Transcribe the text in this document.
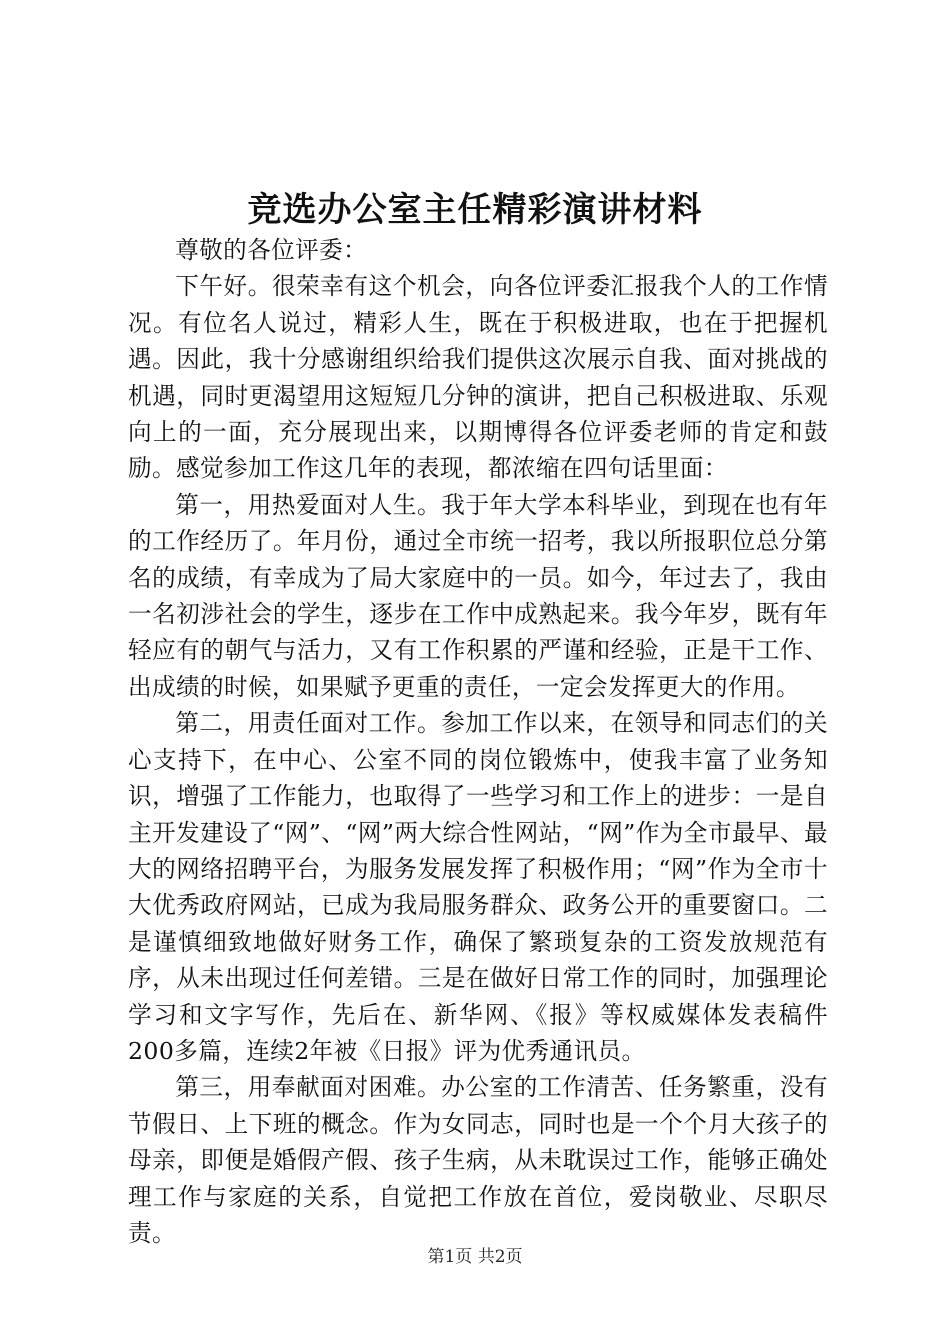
竞选办公室主任精彩演讲材料

尊敬的各位评委：

下午好。很荣幸有这个机会，向各位评委汇报我个人的工作情况。有位名人说过，精彩人生，既在于积极进取，也在于把握机遇。因此，我十分感谢组织给我们提供这次展示自我、面对挑战的机遇，同时更渴望用这短短几分钟的演讲，把自己积极进取、乐观向上的一面，充分展现出来，以期博得各位评委老师的肯定和鼓励。感觉参加工作这几年的表现，都浓缩在四句话里面：

第一，用热爱面对人生。我于年大学本科毕业，到现在也有年的工作经历了。年月份，通过全市统一招考，我以所报职位总分第名的成绩，有幸成为了局大家庭中的一员。如今，年过去了，我由一名初涉社会的学生，逐步在工作中成熟起来。我今年岁，既有年轻应有的朝气与活力，又有工作积累的严谨和经验，正是干工作、出成绩的时候，如果赋予更重的责任，一定会发挥更大的作用。

第二，用责任面对工作。参加工作以来，在领导和同志们的关心支持下，在中心、公室不同的岗位锻炼中，使我丰富了业务知识，增强了工作能力，也取得了一些学习和工作上的进步：一是自主开发建设了“网”、“网”两大综合性网站，“网”作为全市最早、最大的网络招聘平台，为服务发展发挥了积极作用；“网”作为全市十大优秀政府网站，已成为我局服务群众、政务公开的重要窗口。二是谨慎细致地做好财务工作，确保了繁琐复杂的工资发放规范有序，从未出现过任何差错。三是在做好日常工作的同时，加强理论学习和文字写作，先后在、新华网、《报》等权威媒体发表稿件200多篇，连续2年被《日报》评为优秀通讯员。

第三，用奉献面对困难。办公室的工作清苦、任务繁重，没有节假日、上下班的概念。作为女同志，同时也是一个个月大孩子的母亲，即便是婚假产假、孩子生病，从未耽误过工作，能够正确处理工作与家庭的关系，自觉把工作放在首位，爱岗敬业、尽职尽责。

第1页 共2页
